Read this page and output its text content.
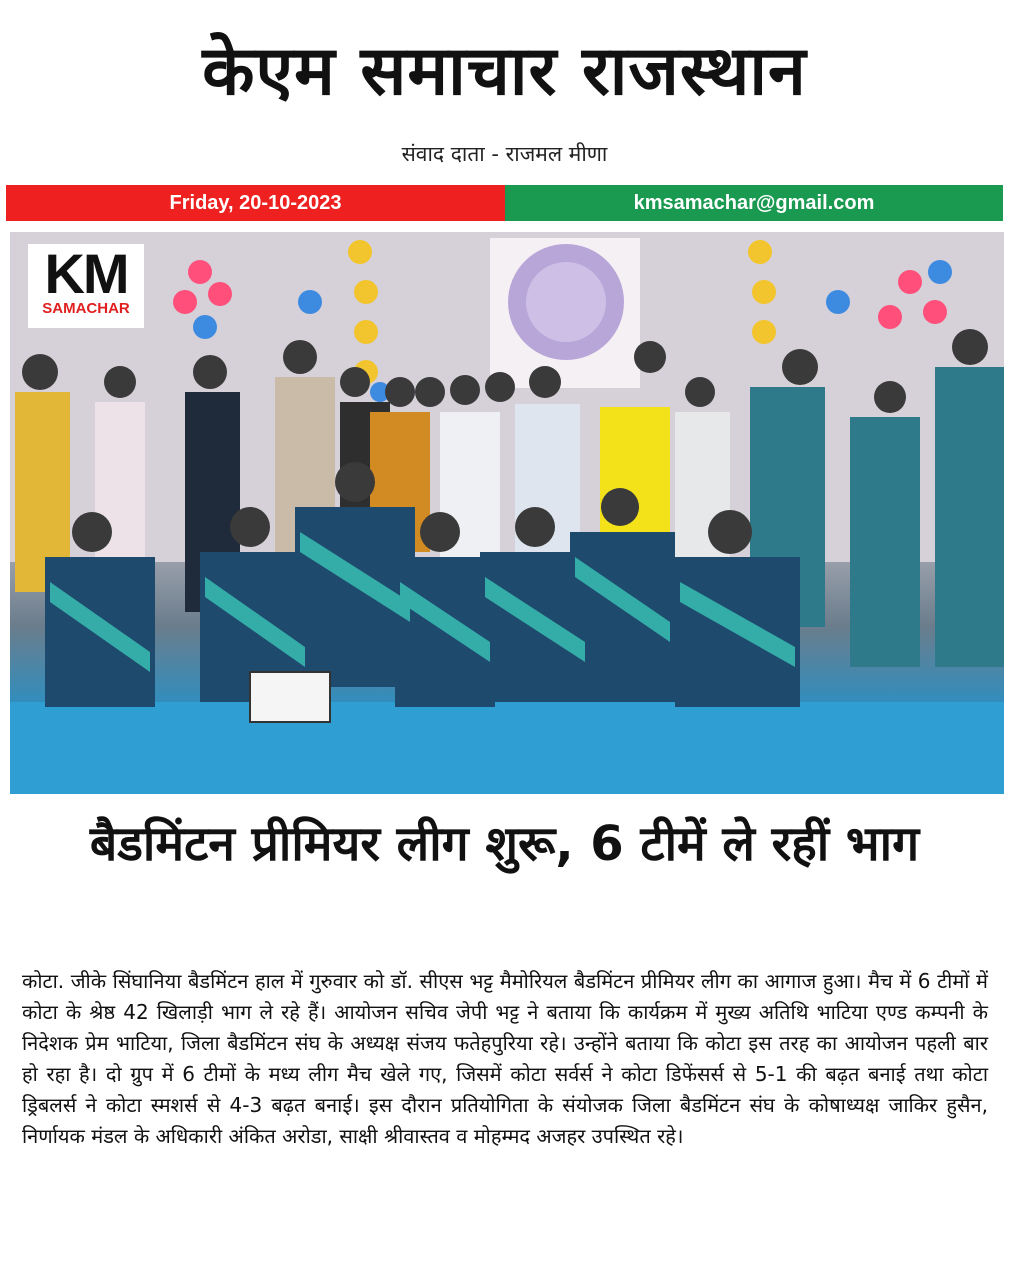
केएम समाचार राजस्थान
संवाद दाता - राजमल मीणा
Friday, 20-10-2023	kmsamachar@gmail.com
KM
SAMACHAR
बैडमिंटन प्रीमियर लीग शुरू, 6 टीमें ले रहीं भाग
कोटा. जीके सिंघानिया बैडमिंटन हाल में गुरुवार को डॉ. सीएस भट्ट मैमोरियल बैडमिंटन प्रीमियर लीग का आगाज हुआ। मैच में 6 टीमों में कोटा के श्रेष्ठ 42 खिलाड़ी भाग ले रहे हैं। आयोजन सचिव जेपी भट्ट ने बताया कि कार्यक्रम में मुख्य अतिथि भाटिया एण्ड कम्पनी के निदेशक प्रेम भाटिया, जिला बैडमिंटन संघ के अध्यक्ष संजय फतेहपुरिया रहे। उन्होंने बताया कि कोटा इस तरह का आयोजन पहली बार हो रहा है। दो ग्रुप में 6 टीमों के मध्य लीग मैच खेले गए, जिसमें कोटा सर्वर्स ने कोटा डिफेंसर्स से 5-1 की बढ़त बनाई तथा कोटा ड्रिबलर्स ने कोटा स्मशर्स से 4-3 बढ़त बनाई। इस दौरान प्रतियोगिता के संयोजक जिला बैडमिंटन संघ के कोषाध्यक्ष जाकिर हुसैन, निर्णायक मंडल के अधिकारी अंकित अरोडा, साक्षी श्रीवास्तव व मोहम्मद अजहर उपस्थित रहे।
